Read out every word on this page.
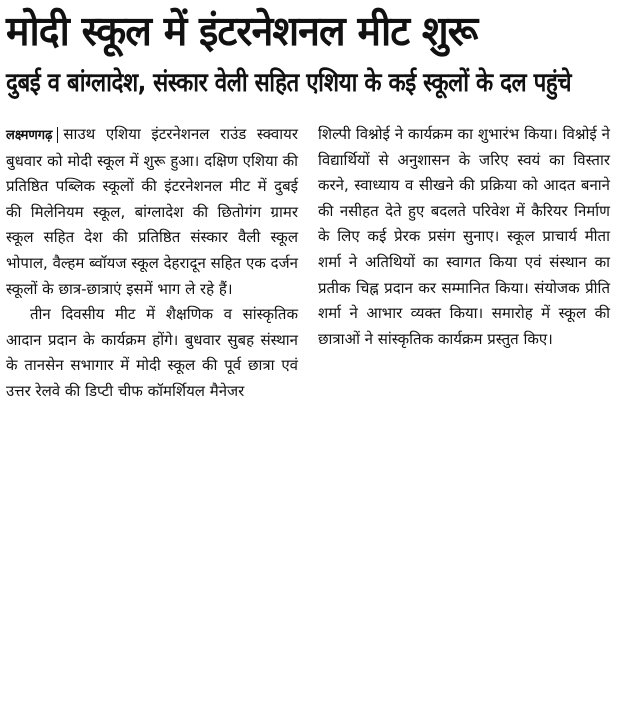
मोदी स्कूल में इंटरनेशनल मीट शुरू
दुबई व बांग्लादेश, संस्कार वेली सहित एशिया के कई स्कूलों के दल पहुंचे

लक्ष्मणगढ़ साउथ एशिया इंटरनेशनल राउंड स्क्वायर बुधवार को मोदी स्कूल में शुरू हुआ। दक्षिण एशिया की प्रतिष्ठित पब्लिक स्कूलों की इंटरनेशनल मीट में दुबई की मिलेनियम स्कूल, बांग्लादेश की छितोगंग ग्रामर स्कूल सहित देश की प्रतिष्ठित संस्कार वैली स्कूल भोपाल, वैल्हम ब्वॉयज स्कूल देहरादून सहित एक दर्जन स्कूलों के छात्र-छात्राएं इसमें भाग ले रहे हैं।

तीन दिवसीय मीट में शैक्षणिक व सांस्कृतिक आदान प्रदान के कार्यक्रम होंगे। बुधवार सुबह संस्थान के तानसेन सभागार में मोदी स्कूल की पूर्व छात्रा एवं उत्तर रेलवे की डिप्टी चीफ कॉमर्शियल मैनेजर

शिल्पी विश्नोई ने कार्यक्रम का शुभारंभ किया। विश्नोई ने विद्यार्थियों से अनुशासन के जरिए स्वयं का विस्तार करने, स्वाध्याय व सीखने की प्रक्रिया को आदत बनाने की नसीहत देते हुए बदलते परिवेश में कैरियर निर्माण के लिए कई प्रेरक प्रसंग सुनाए। स्कूल प्राचार्य मीता शर्मा ने अतिथियों का स्वागत किया एवं संस्थान का प्रतीक चिह्न प्रदान कर सम्मानित किया। संयोजक प्रीति शर्मा ने आभार व्यक्त किया। समारोह में स्कूल की छात्राओं ने सांस्कृतिक कार्यक्रम प्रस्तुत किए।
